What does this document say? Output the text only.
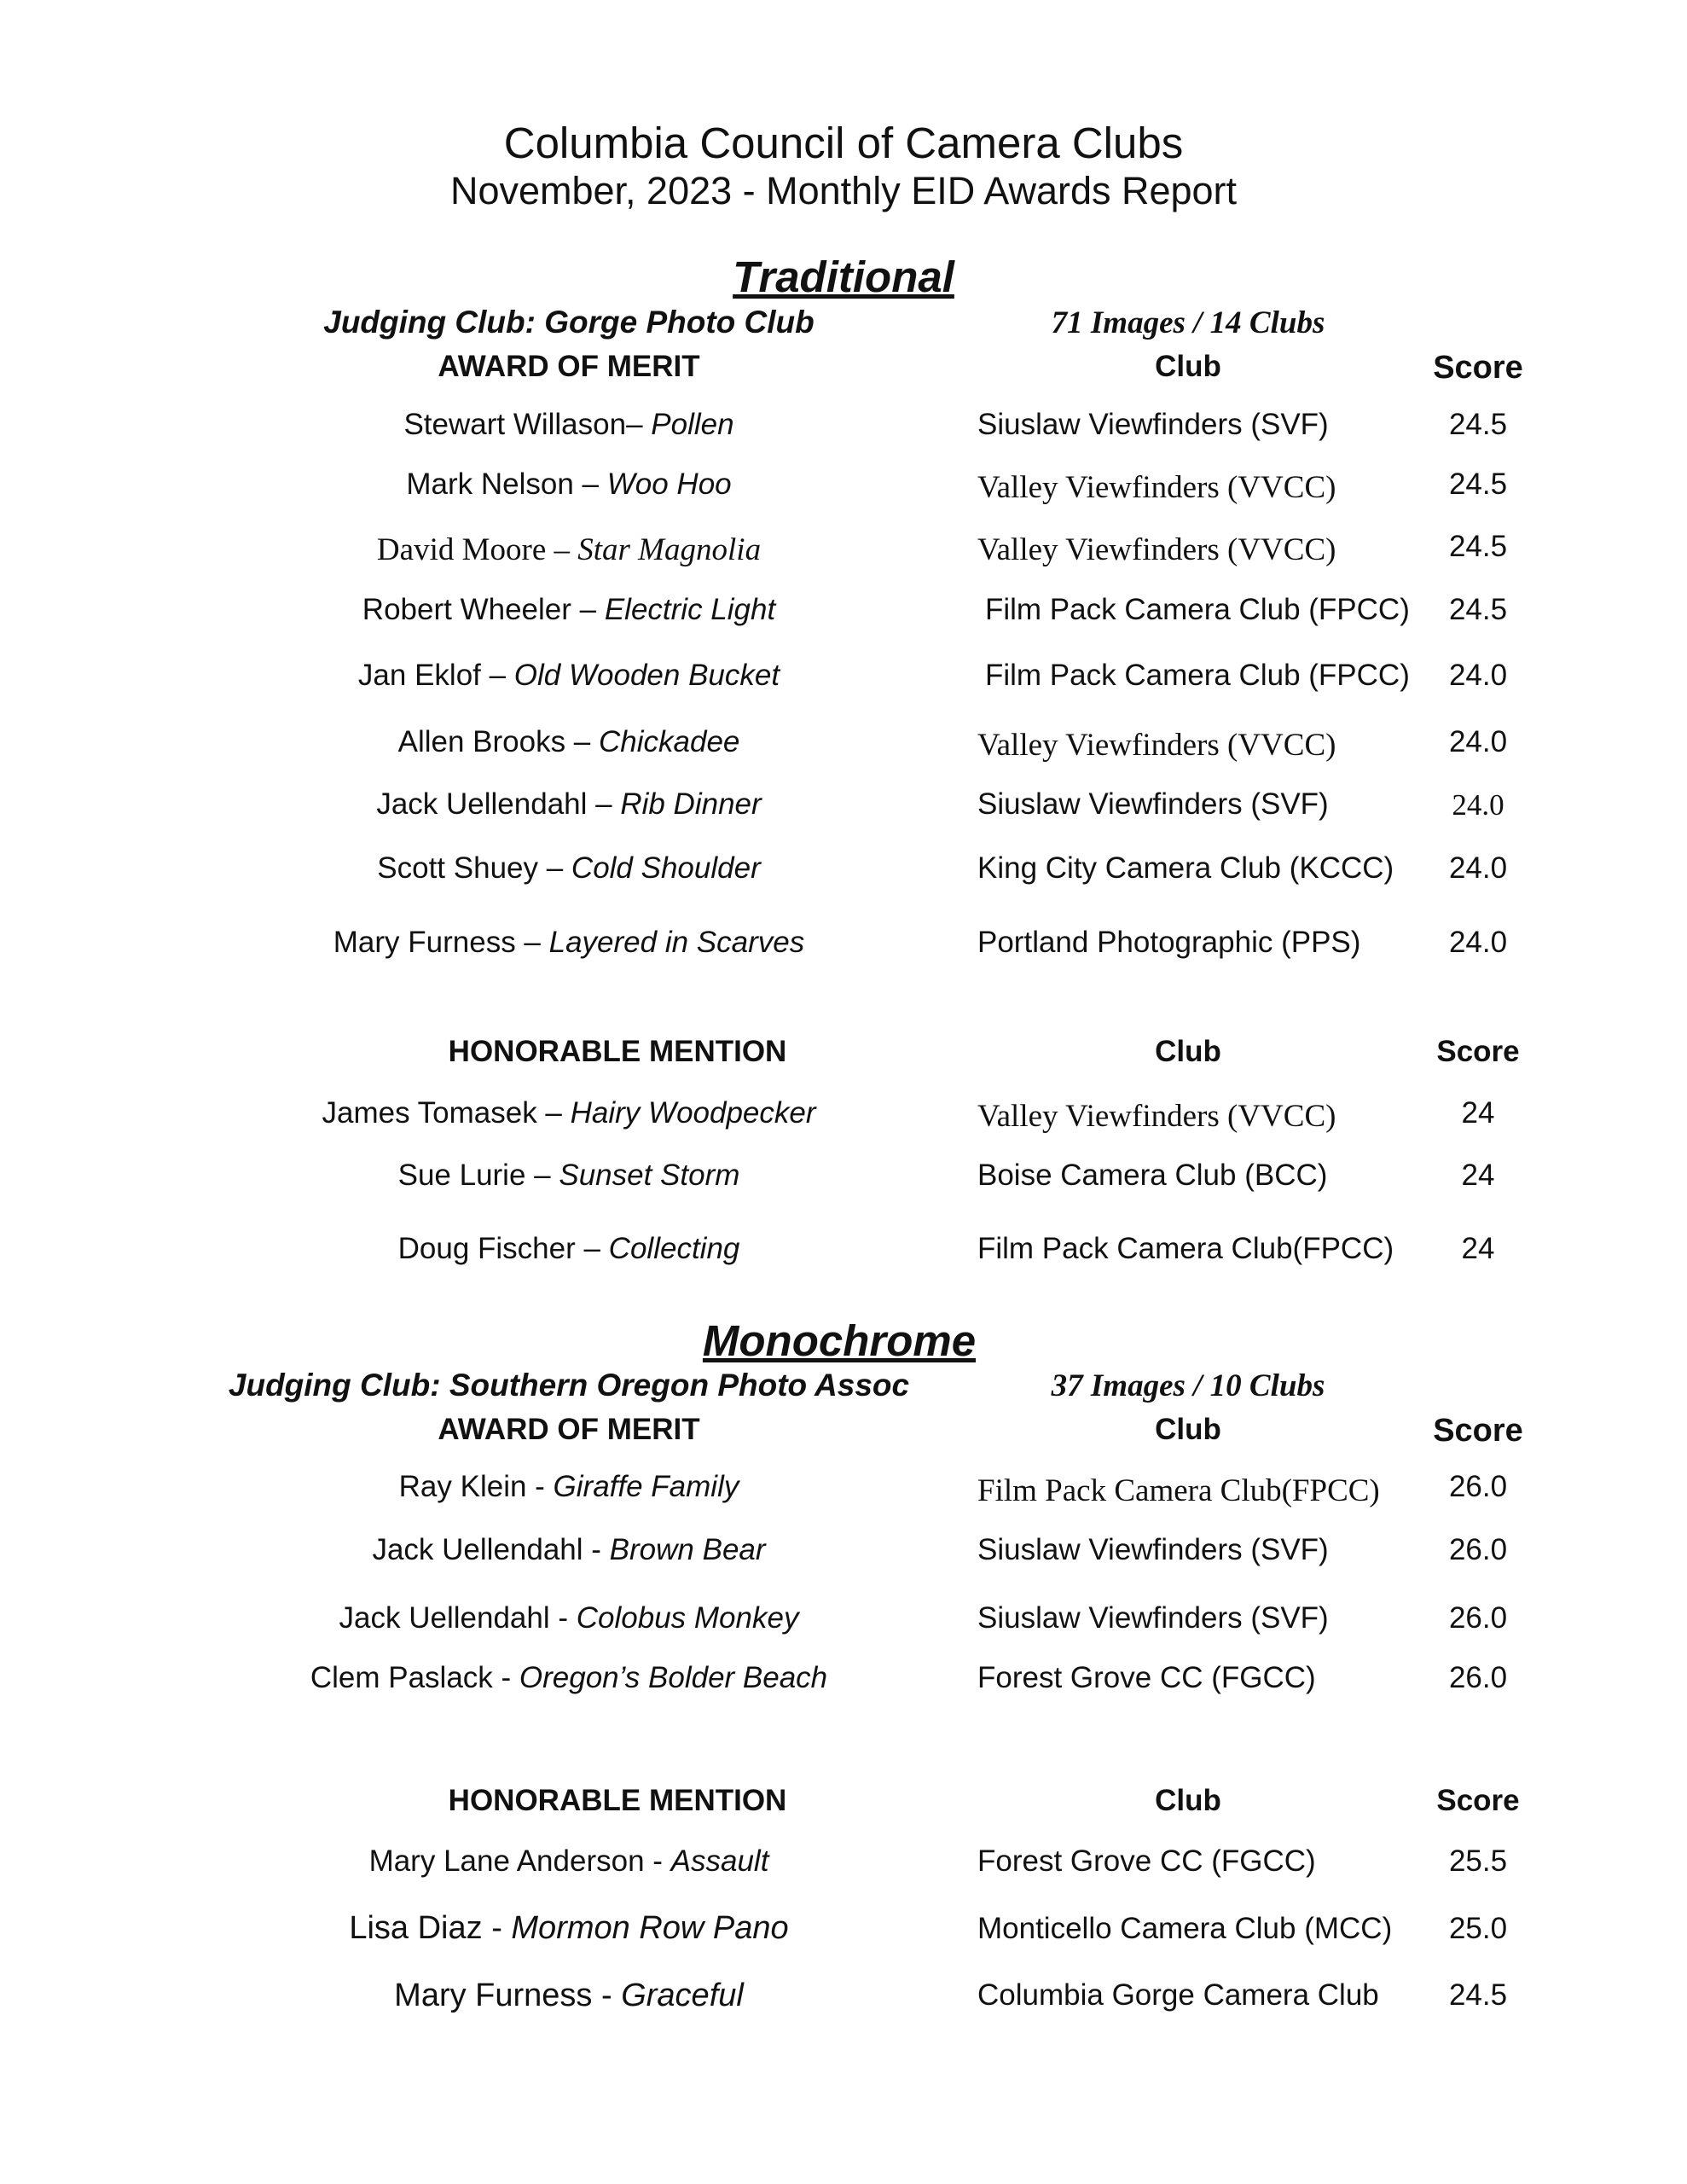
Columbia Council of Camera Clubs
November, 2023 - Monthly EID Awards Report
Traditional
Judging Club: Gorge Photo Club	71 Images / 14 Clubs
AWARD OF MERIT	Club	Score
Stewart Willason– Pollen	Siuslaw Viewfinders (SVF)	24.5
Mark Nelson – Woo Hoo	Valley Viewfinders (VVCC)	24.5
David Moore – Star Magnolia	Valley Viewfinders (VVCC)	24.5
Robert Wheeler – Electric Light	Film Pack Camera Club (FPCC) 24.5
Jan Eklof – Old Wooden Bucket	Film Pack Camera Club (FPCC) 24.0
Allen Brooks – Chickadee	Valley Viewfinders (VVCC)	24.0
Jack Uellendahl – Rib Dinner	Siuslaw Viewfinders (SVF)	24.0
Scott Shuey – Cold Shoulder	King City Camera Club (KCCC) 24.0
Mary Furness – Layered in Scarves	Portland Photographic (PPS)	24.0
HONORABLE MENTION	Club	Score
James Tomasek – Hairy Woodpecker	Valley Viewfinders (VVCC)	24
Sue Lurie – Sunset Storm	Boise Camera Club (BCC)	24
Doug Fischer – Collecting	Film Pack Camera Club(FPCC) 24
Monochrome
Judging Club: Southern Oregon Photo Assoc	37 Images / 10 Clubs
AWARD OF MERIT	Club	Score
Ray Klein - Giraffe Family	Film Pack Camera Club(FPCC) 26.0
Jack Uellendahl - Brown Bear	Siuslaw Viewfinders (SVF)	26.0
Jack Uellendahl - Colobus Monkey	Siuslaw Viewfinders (SVF)	26.0
Clem Paslack - Oregon’s Bolder Beach	Forest Grove CC (FGCC)	26.0
HONORABLE MENTION	Club	Score
Mary Lane Anderson - Assault	Forest Grove CC (FGCC)	25.5
Lisa Diaz - Mormon Row Pano	Monticello Camera Club (MCC) 25.0
Mary Furness - Graceful	Columbia Gorge Camera Club 24.5
